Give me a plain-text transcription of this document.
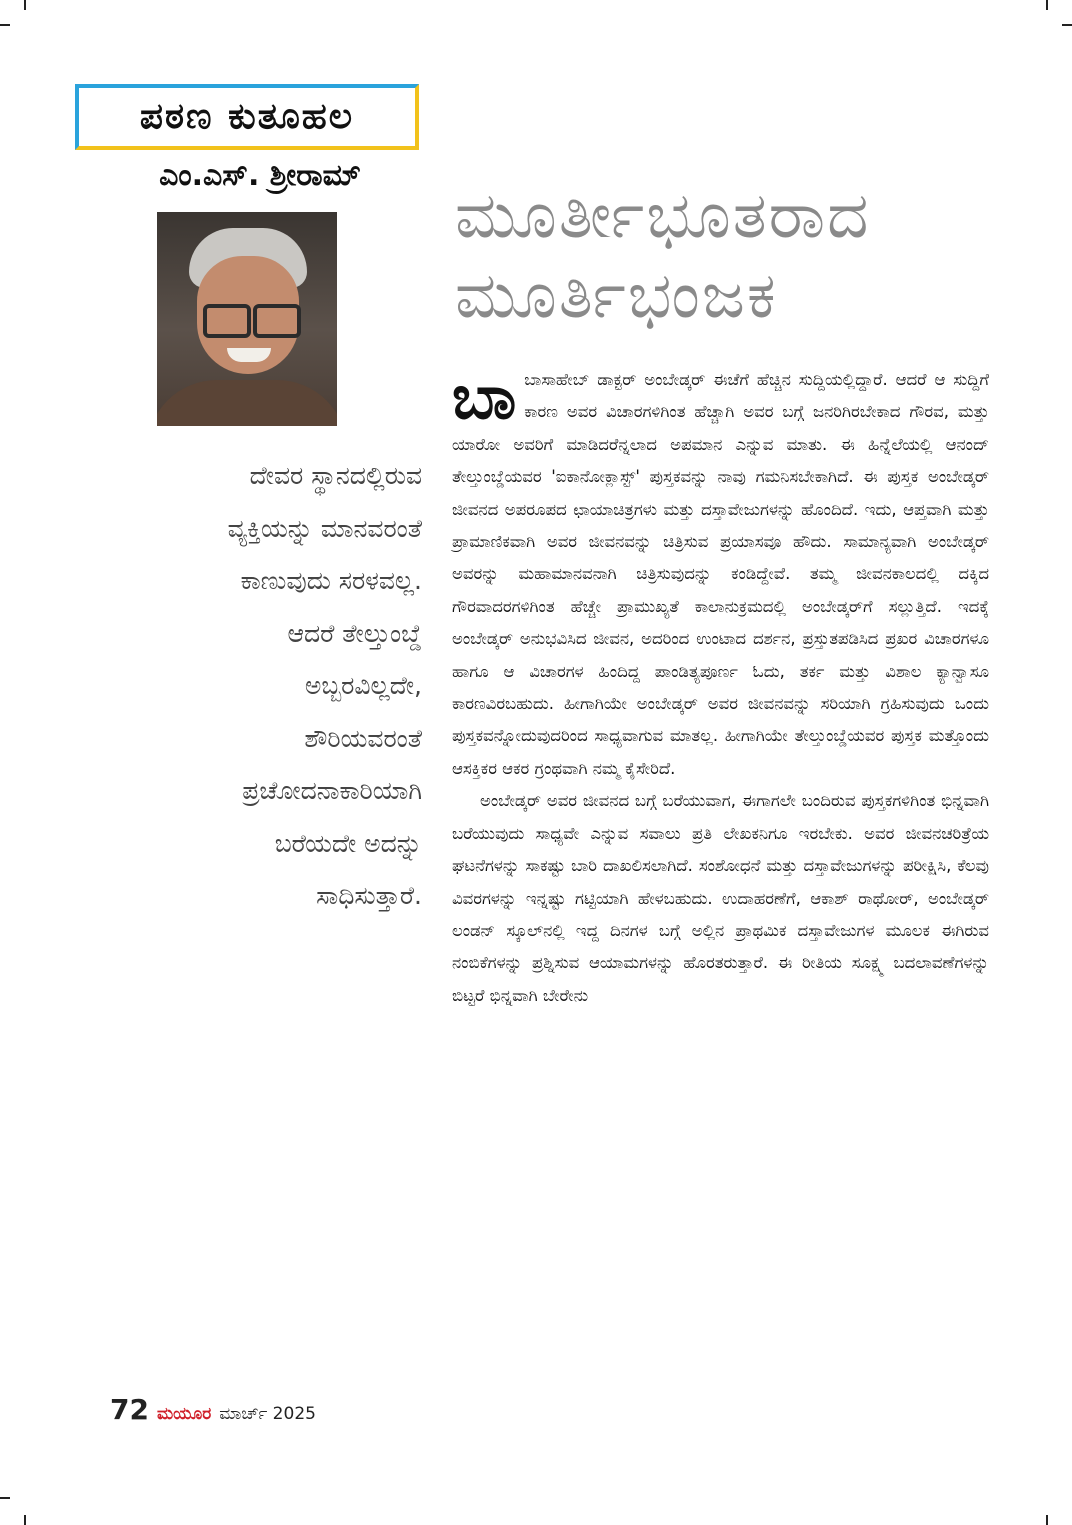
ಪಠಣ ಕುತೂಹಲ
ಎಂ.ಎಸ್. ಶ್ರೀರಾಮ್
ದೇವರ ಸ್ಥಾನದಲ್ಲಿರುವ
ವ್ಯಕ್ತಿಯನ್ನು ಮಾನವರಂತೆ
ಕಾಣುವುದು ಸರಳವಲ್ಲ.
ಆದರೆ ತೇಲ್ತುಂಬ್ಡೆ
ಅಬ್ಬರವಿಲ್ಲದೇ,
ಶೌರಿಯವರಂತೆ
ಪ್ರಚೋದನಾಕಾರಿಯಾಗಿ
ಬರೆಯದೇ ಅದನ್ನು
ಸಾಧಿಸುತ್ತಾರೆ.
ಮೂರ್ತೀಭೂತರಾದ
ಮೂರ್ತಿಭಂಜಕ
ಬಾ ಬಾಸಾಹೇಬ್ ಡಾಕ್ಟರ್ ಅಂಬೇಡ್ಕರ್ ಈಚೆಗೆ ಹೆಚ್ಚಿನ ಸುದ್ದಿಯಲ್ಲಿದ್ದಾರೆ. ಆದರೆ ಆ ಸುದ್ದಿಗೆ ಕಾರಣ ಅವರ ವಿಚಾರಗಳಿಗಿಂತ ಹೆಚ್ಚಾಗಿ ಅವರ ಬಗ್ಗೆ ಜನರಿಗಿರಬೇಕಾದ ಗೌರವ, ಮತ್ತು ಯಾರೋ ಅವರಿಗೆ ಮಾಡಿದರೆನ್ನಲಾದ ಅಪಮಾನ ಎನ್ನುವ ಮಾತು. ಈ ಹಿನ್ನೆಲೆಯಲ್ಲಿ ಆನಂದ್ ತೇಲ್ತುಂಬ್ಡೆಯವರ 'ಐಕಾನೋಕ್ಲಾಸ್ಟ್' ಪುಸ್ತಕವನ್ನು ನಾವು ಗಮನಿಸಬೇಕಾಗಿದೆ. ಈ ಪುಸ್ತಕ ಅಂಬೇಡ್ಕರ್ ಜೀವನದ ಅಪರೂಪದ ಛಾಯಾಚಿತ್ರಗಳು ಮತ್ತು ದಸ್ತಾವೇಜುಗಳನ್ನು ಹೊಂದಿದೆ. ಇದು, ಆಪ್ತವಾಗಿ ಮತ್ತು ಪ್ರಾಮಾಣಿಕವಾಗಿ ಅವರ ಜೀವನವನ್ನು ಚಿತ್ರಿಸುವ ಪ್ರಯಾಸವೂ ಹೌದು. ಸಾಮಾನ್ಯವಾಗಿ ಅಂಬೇಡ್ಕರ್ ಅವರನ್ನು ಮಹಾಮಾನವನಾಗಿ ಚಿತ್ರಿಸುವುದನ್ನು ಕಂಡಿದ್ದೇವೆ. ತಮ್ಮ ಜೀವನಕಾಲದಲ್ಲಿ ದಕ್ಕಿದ ಗೌರವಾದರಗಳಿಗಿಂತ ಹೆಚ್ಚೇ ಪ್ರಾಮುಖ್ಯತೆ ಕಾಲಾನುಕ್ರಮದಲ್ಲಿ ಅಂಬೇಡ್ಕರ್‌ಗೆ ಸಲ್ಲುತ್ತಿದೆ. ಇದಕ್ಕೆ ಅಂಬೇಡ್ಕರ್ ಅನುಭವಿಸಿದ ಜೀವನ, ಅದರಿಂದ ಉಂಟಾದ ದರ್ಶನ, ಪ್ರಸ್ತುತಪಡಿಸಿದ ಪ್ರಖರ ವಿಚಾರಗಳೂ ಹಾಗೂ ಆ ವಿಚಾರಗಳ ಹಿಂದಿದ್ದ ಪಾಂಡಿತ್ಯಪೂರ್ಣ ಓದು, ತರ್ಕ ಮತ್ತು ವಿಶಾಲ ಕ್ಯಾನ್ವಾಸೂ ಕಾರಣವಿರಬಹುದು. ಹೀಗಾಗಿಯೇ ಅಂಬೇಡ್ಕರ್ ಅವರ ಜೀವನವನ್ನು ಸರಿಯಾಗಿ ಗ್ರಹಿಸುವುದು ಒಂದು ಪುಸ್ತಕವನ್ನೋದುವುದರಿಂದ ಸಾಧ್ಯವಾಗುವ ಮಾತಲ್ಲ. ಹೀಗಾಗಿಯೇ ತೇಲ್ತುಂಬ್ಡೆಯವರ ಪುಸ್ತಕ ಮತ್ತೊಂದು ಆಸಕ್ತಿಕರ ಆಕರ ಗ್ರಂಥವಾಗಿ ನಮ್ಮ ಕೈಸೇರಿದೆ.

ಅಂಬೇಡ್ಕರ್ ಅವರ ಜೀವನದ ಬಗ್ಗೆ ಬರೆಯುವಾಗ, ಈಗಾಗಲೇ ಬಂದಿರುವ ಪುಸ್ತಕಗಳಿಗಿಂತ ಭಿನ್ನವಾಗಿ ಬರೆಯುವುದು ಸಾಧ್ಯವೇ ಎನ್ನುವ ಸವಾಲು ಪ್ರತಿ ಲೇಖಕನಿಗೂ ಇರಬೇಕು. ಅವರ ಜೀವನಚರಿತ್ರೆಯ ಘಟನೆಗಳನ್ನು ಸಾಕಷ್ಟು ಬಾರಿ ದಾಖಲಿಸಲಾಗಿದೆ. ಸಂಶೋಧನೆ ಮತ್ತು ದಸ್ತಾವೇಜುಗಳನ್ನು ಪರೀಕ್ಷಿಸಿ, ಕೆಲವು ವಿವರಗಳನ್ನು ಇನ್ನಷ್ಟು ಗಟ್ಟಿಯಾಗಿ ಹೇಳಬಹುದು. ಉದಾಹರಣೆಗೆ, ಆಕಾಶ್ ರಾಥೋರ್, ಅಂಬೇಡ್ಕರ್ ಲಂಡನ್ ಸ್ಕೂಲ್‌ನಲ್ಲಿ ಇದ್ದ ದಿನಗಳ ಬಗ್ಗೆ ಅಲ್ಲಿನ ಪ್ರಾಥಮಿಕ ದಸ್ತಾವೇಜುಗಳ ಮೂಲಕ ಈಗಿರುವ ನಂಬಿಕೆಗಳನ್ನು ಪ್ರಶ್ನಿಸುವ ಆಯಾಮಗಳನ್ನು ಹೊರತರುತ್ತಾರೆ. ಈ ರೀತಿಯ ಸೂಕ್ಷ್ಮ ಬದಲಾವಣೆಗಳನ್ನು ಬಿಟ್ಟರೆ ಭಿನ್ನವಾಗಿ ಬೇರೇನು

72 ಮಯೂರ ಮಾರ್ಚ್ 2025
